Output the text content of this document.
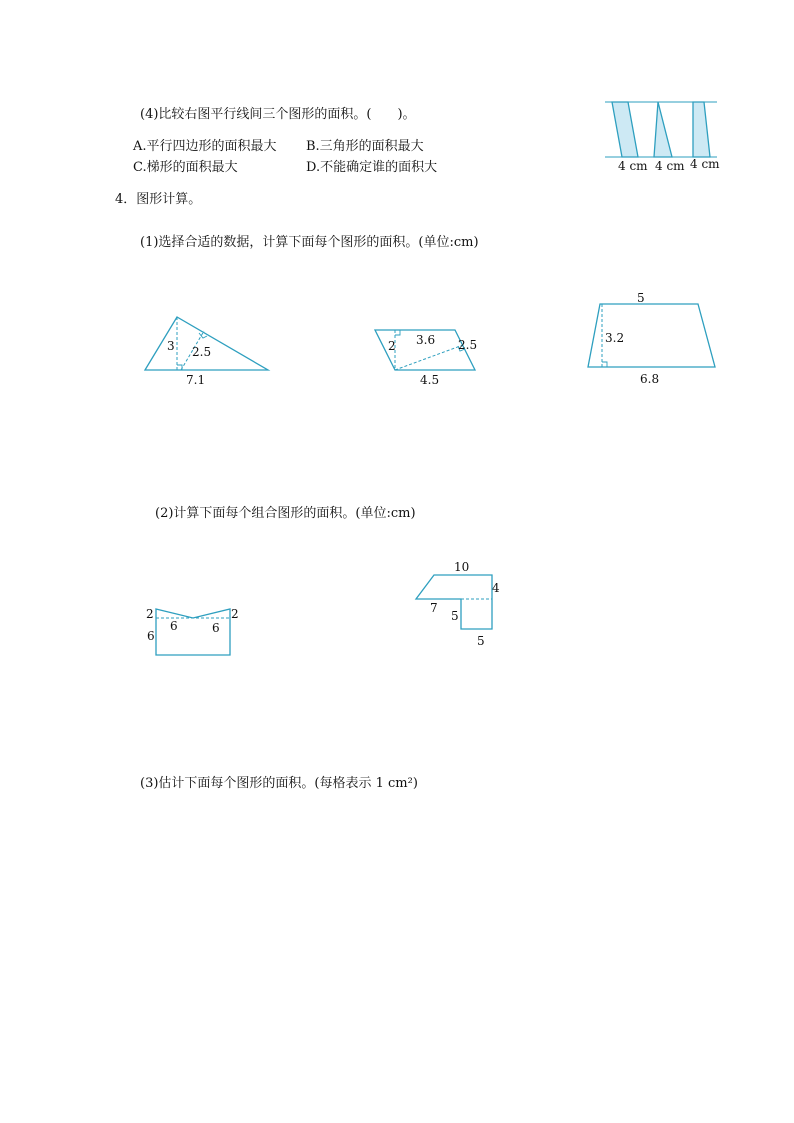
(4)比较右图平行线间三个图形的面积。(　　)。
A.平行四边形的面积最大 B.三角形的面积最大
C.梯形的面积最大	D.不能确定谁的面积大	4 cm 4 cm 4 cm
4．图形计算。
(1)选择合适的数据，计算下面每个图形的面积。(单位:cm)
3 2.5
7.1
2 3.6 2.5
4.5
5
3.2
6.8
(2)计算下面每个组合图形的面积。(单位:cm)
2	2
6
6	6
10
4
7
5
5
(3)估计下面每个图形的面积。(每格表示 1 cm²)
